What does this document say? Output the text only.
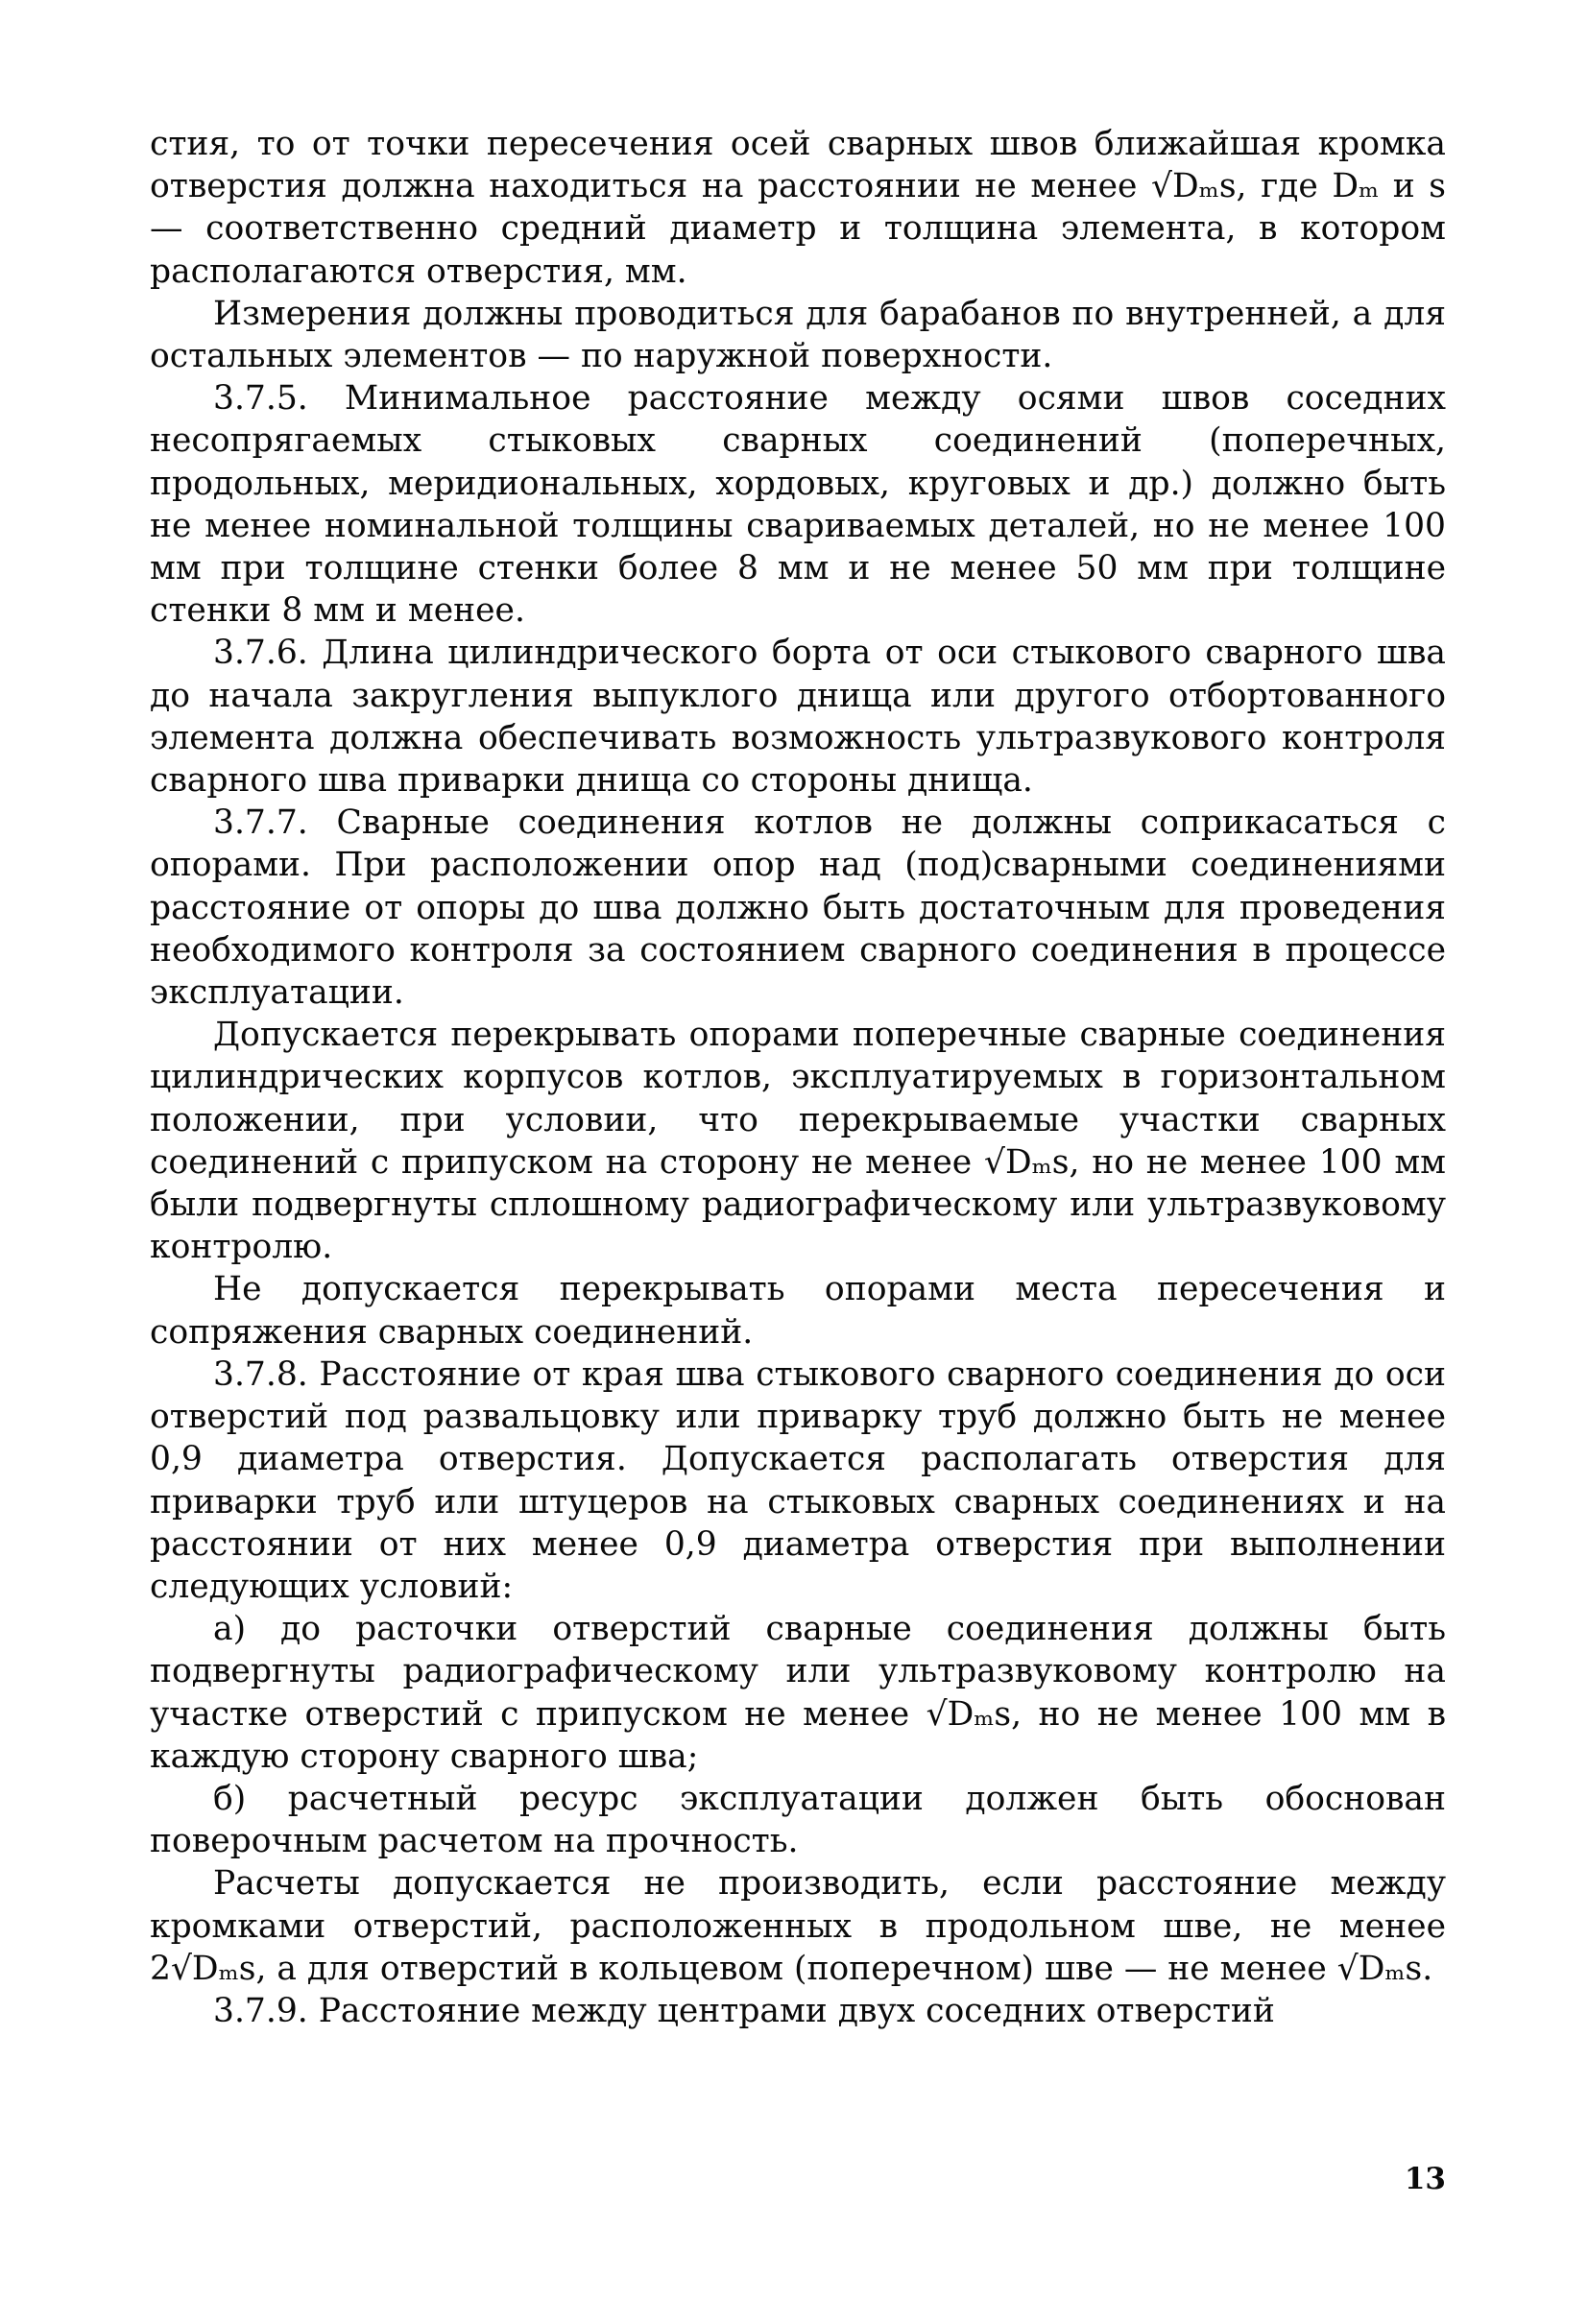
стия, то от точки пересечения осей сварных швов ближайшая кромка отверстия должна находиться на расстоянии не менее √Dₘs, где Dₘ и s — соответственно средний диаметр и толщина элемента, в котором располагаются отверстия, мм.

Измерения должны проводиться для барабанов по внутренней, а для остальных элементов — по наружной поверхности.

3.7.5. Минимальное расстояние между осями швов соседних несопрягаемых стыковых сварных соединений (поперечных, продольных, меридиональных, хордовых, круговых и др.) должно быть не менее номинальной толщины свариваемых деталей, но не менее 100 мм при толщине стенки более 8 мм и не менее 50 мм при толщине стенки 8 мм и менее.

3.7.6. Длина цилиндрического борта от оси стыкового сварного шва до начала закругления выпуклого днища или другого отбортованного элемента должна обеспечивать возможность ультразвукового контроля сварного шва приварки днища со стороны днища.

3.7.7. Сварные соединения котлов не должны соприкасаться с опорами. При расположении опор над (под)сварными соединениями расстояние от опоры до шва должно быть достаточным для проведения необходимого контроля за состоянием сварного соединения в процессе эксплуатации.

Допускается перекрывать опорами поперечные сварные соединения цилиндрических корпусов котлов, эксплуатируемых в горизонтальном положении, при условии, что перекрываемые участки сварных соединений с припуском на сторону не менее √Dₘs, но не менее 100 мм были подвергнуты сплошному радиографическому или ультразвуковому контролю.

Не допускается перекрывать опорами места пересечения и сопряжения сварных соединений.

3.7.8. Расстояние от края шва стыкового сварного соединения до оси отверстий под развальцовку или приварку труб должно быть не менее 0,9 диаметра отверстия. Допускается располагать отверстия для приварки труб или штуцеров на стыковых сварных соединениях и на расстоянии от них менее 0,9 диаметра отверстия при выполнении следующих условий:

а) до расточки отверстий сварные соединения должны быть подвергнуты радиографическому или ультразвуковому контролю на участке отверстий с припуском не менее √Dₘs, но не менее 100 мм в каждую сторону сварного шва;

б) расчетный ресурс эксплуатации должен быть обоснован поверочным расчетом на прочность.

Расчеты допускается не производить, если расстояние между кромками отверстий, расположенных в продольном шве, не менее 2√Dₘs, а для отверстий в кольцевом (поперечном) шве — не менее √Dₘs.

3.7.9. Расстояние между центрами двух соседних отверстий

13
